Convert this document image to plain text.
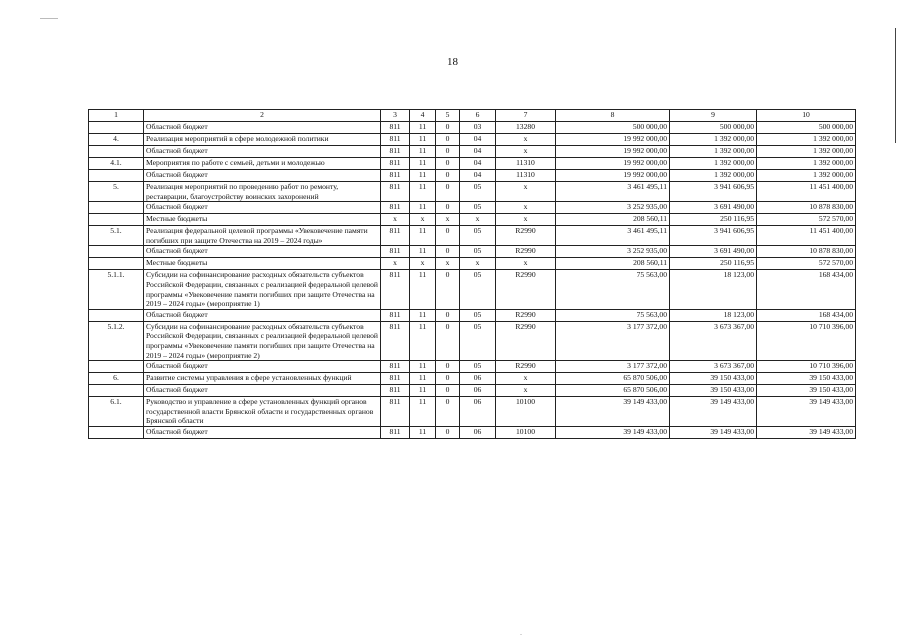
18
.
1	2	3	4	5	6	7	8	9	10
	Областной бюджет	811	11	0	03	13280	500 000,00	500 000,00	500 000,00
4.	Реализация мероприятий в сфере молодежной политики	811	11	0	04	х	19 992 000,00	1 392 000,00	1 392 000,00
	Областной бюджет	811	11	0	04	х	19 992 000,00	1 392 000,00	1 392 000,00
4.1.	Мероприятия по работе с семьей, детьми и молодежью	811	11	0	04	11310	19 992 000,00	1 392 000,00	1 392 000,00
	Областной бюджет	811	11	0	04	11310	19 992 000,00	1 392 000,00	1 392 000,00
5.	Реализация мероприятий по проведению работ по ремонту, реставрации, благоустройству воинских захоронений	811	11	0	05	х	3 461 495,11	3 941 606,95	11 451 400,00
	Областной бюджет	811	11	0	05	х	3 252 935,00	3 691 490,00	10 878 830,00
	Местные бюджеты	х	х	х	х	х	208 560,11	250 116,95	572 570,00
5.1.	Реализация федеральной целевой программы «Увековечение памяти погибших при защите Отечества на 2019 – 2024 годы»	811	11	0	05	R2990	3 461 495,11	3 941 606,95	11 451 400,00
	Областной бюджет	811	11	0	05	R2990	3 252 935,00	3 691 490,00	10 878 830,00
	Местные бюджеты	х	х	х	х	х	208 560,11	250 116,95	572 570,00
5.1.1.	Субсидии на софинансирование расходных обязательств субъектов Российской Федерации, связанных с реализацией федеральной целевой программы «Увековечение памяти погибших при защите Отечества на 2019 – 2024 годы» (мероприятие 1)	811	11	0	05	R2990	75 563,00	18 123,00	168 434,00
	Областной бюджет	811	11	0	05	R2990	75 563,00	18 123,00	168 434,00
5.1.2.	Субсидии на софинансирование расходных обязательств субъектов Российской Федерации, связанных с реализацией федеральной целевой программы «Увековечение памяти погибших при защите Отечества на 2019 – 2024 годы» (мероприятие 2)	811	11	0	05	R2990	3 177 372,00	3 673 367,00	10 710 396,00
	Областной бюджет	811	11	0	05	R2990	3 177 372,00	3 673 367,00	10 710 396,00
6.	Развитие системы управления в сфере установленных функций	811	11	0	06	х	65 870 506,00	39 150 433,00	39 150 433,00
	Областной бюджет	811	11	0	06	х	65 870 506,00	39 150 433,00	39 150 433,00
6.1.	Руководство и управление в сфере установленных функций органов государственной власти Брянской области и государственных органов Брянской области	811	11	0	06	10100	39 149 433,00	39 149 433,00	39 149 433,00
	Областной бюджет	811	11	0	06	10100	39 149 433,00	39 149 433,00	39 149 433,00
